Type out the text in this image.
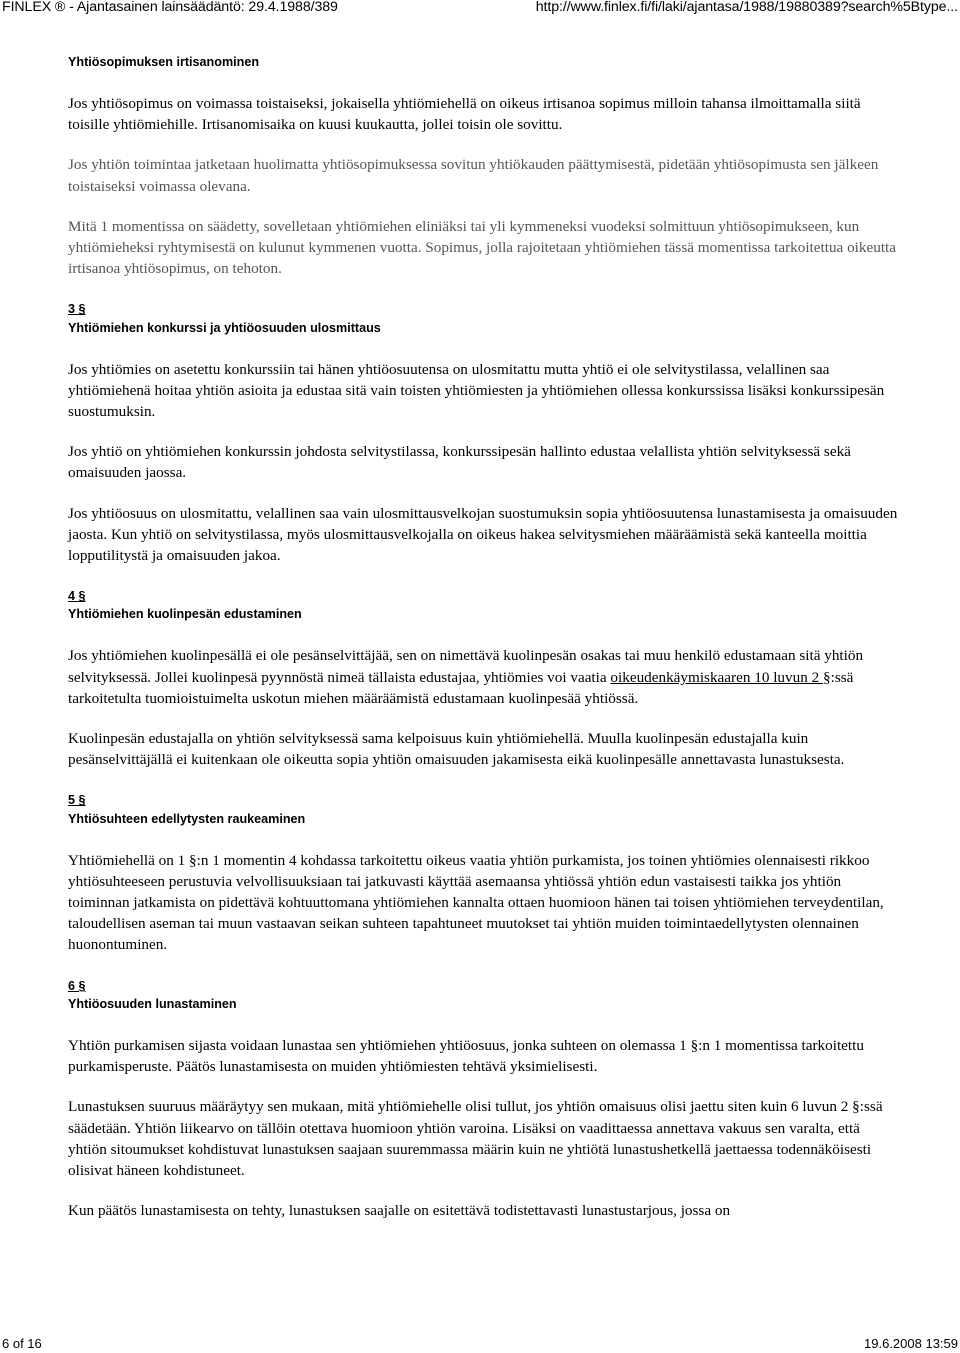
FINLEX ® - Ajantasainen lainsäädäntö: 29.4.1988/389	http://www.finlex.fi/fi/laki/ajantasa/1988/19880389?search%5Btype...
Yhtiösopimuksen irtisanominen

Jos yhtiösopimus on voimassa toistaiseksi, jokaisella yhtiömiehellä on oikeus irtisanoa sopimus milloin tahansa ilmoittamalla siitä toisille yhtiömiehille. Irtisanomisaika on kuusi kuukautta, jollei toisin ole sovittu.

Jos yhtiön toimintaa jatketaan huolimatta yhtiösopimuksessa sovitun yhtiökauden päättymisestä, pidetään yhtiösopimusta sen jälkeen toistaiseksi voimassa olevana.

Mitä 1 momentissa on säädetty, sovelletaan yhtiömiehen eliniäksi tai yli kymmeneksi vuodeksi solmittuun yhtiösopimukseen, kun yhtiömieheksi ryhtymisestä on kulunut kymmenen vuotta. Sopimus, jolla rajoitetaan yhtiömiehen tässä momentissa tarkoitettua oikeutta irtisanoa yhtiösopimus, on tehoton.

3 §
Yhtiömiehen konkurssi ja yhtiöosuuden ulosmittaus

Jos yhtiömies on asetettu konkurssiin tai hänen yhtiöosuutensa on ulosmitattu mutta yhtiö ei ole selvitystilassa, velallinen saa yhtiömiehenä hoitaa yhtiön asioita ja edustaa sitä vain toisten yhtiömiesten ja yhtiömiehen ollessa konkurssissa lisäksi konkurssipesän suostumuksin.

Jos yhtiö on yhtiömiehen konkurssin johdosta selvitystilassa, konkurssipesän hallinto edustaa velallista yhtiön selvityksessä sekä omaisuuden jaossa.

Jos yhtiöosuus on ulosmitattu, velallinen saa vain ulosmittausvelkojan suostumuksin sopia yhtiöosuutensa lunastamisesta ja omaisuuden jaosta. Kun yhtiö on selvitystilassa, myös ulosmittausvelkojalla on oikeus hakea selvitysmiehen määräämistä sekä kanteella moittia lopputilitystä ja omaisuuden jakoa.

4 §
Yhtiömiehen kuolinpesän edustaminen

Jos yhtiömiehen kuolinpesällä ei ole pesänselvittäjää, sen on nimettävä kuolinpesän osakas tai muu henkilö edustamaan sitä yhtiön selvityksessä. Jollei kuolinpesä pyynnöstä nimeä tällaista edustajaa, yhtiömies voi vaatia oikeudenkäymiskaaren 10 luvun 2 §:ssä tarkoitetulta tuomioistuimelta uskotun miehen määräämistä edustamaan kuolinpesää yhtiössä.

Kuolinpesän edustajalla on yhtiön selvityksessä sama kelpoisuus kuin yhtiömiehellä. Muulla kuolinpesän edustajalla kuin pesänselvittäjällä ei kuitenkaan ole oikeutta sopia yhtiön omaisuuden jakamisesta eikä kuolinpesälle annettavasta lunastuksesta.

5 §
Yhtiösuhteen edellytysten raukeaminen

Yhtiömiehellä on 1 §:n 1 momentin 4 kohdassa tarkoitettu oikeus vaatia yhtiön purkamista, jos toinen yhtiömies olennaisesti rikkoo yhtiösuhteeseen perustuvia velvollisuuksiaan tai jatkuvasti käyttää asemaansa yhtiössä yhtiön edun vastaisesti taikka jos yhtiön toiminnan jatkamista on pidettävä kohtuuttomana yhtiömiehen kannalta ottaen huomioon hänen tai toisen yhtiömiehen terveydentilan, taloudellisen aseman tai muun vastaavan seikan suhteen tapahtuneet muutokset tai yhtiön muiden toimintaedellytysten olennainen huonontuminen.

6 §
Yhtiöosuuden lunastaminen

Yhtiön purkamisen sijasta voidaan lunastaa sen yhtiömiehen yhtiöosuus, jonka suhteen on olemassa 1 §:n 1 momentissa tarkoitettu purkamisperuste. Päätös lunastamisesta on muiden yhtiömiesten tehtävä yksimielisesti.

Lunastuksen suuruus määräytyy sen mukaan, mitä yhtiömiehelle olisi tullut, jos yhtiön omaisuus olisi jaettu siten kuin 6 luvun 2 §:ssä säädetään. Yhtiön liikearvo on tällöin otettava huomioon yhtiön varoina. Lisäksi on vaadittaessa annettava vakuus sen varalta, että yhtiön sitoumukset kohdistuvat lunastuksen saajaan suuremmassa määrin kuin ne yhtiötä lunastushetkellä jaettaessa todennäköisesti olisivat häneen kohdistuneet.

Kun päätös lunastamisesta on tehty, lunastuksen saajalle on esitettävä todistettavasti lunastustarjous, jossa on

6 of 16	19.6.2008 13:59
